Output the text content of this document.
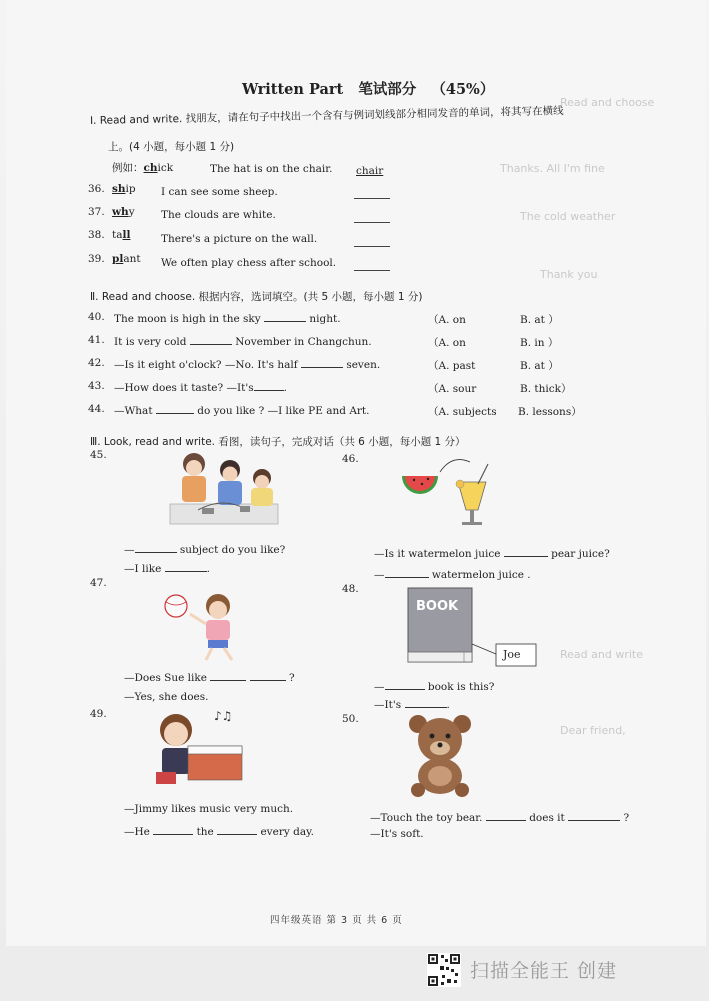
Read and choose
Thanks. All I'm fine
The cold weather
Thank you
Read and write
Dear friend,
Written Part 笔试部分 （45%）
Ⅰ. Read and write. 找朋友，请在句子中找出一个含有与例词划线部分相同发音的单词，将其写在横线
上。(4 小题，每小题 1 分)
例如：chick	The hat is on the chair. chair
36. ship I can see some sheep.
37. why	The clouds are white.
38. tall	There's a picture on the wall.
39. plant We often play chess after school.
Ⅱ. Read and choose. 根据内容，选词填空。(共 5 小题，每小题 1 分)
40. The moon is high in the sky	night.	（A. on	B. at ）
41. It is very cold	November in Changchun.	（A. on	B. in ）
42. —Is it eight o'clock? —No. It's half	seven.	（A. past	B. at ）
43. —How does it taste? —It's	.	（A. sour	B. thick）
44. —What	do you like ? —I like PE and Art.	（A. subjects B. lessons）
Ⅲ. Look, read and write. 看图，读句子，完成对话（共 6 小题，每小题 1 分）
45.
—	subject do you like?
—I like	.
46.
—Is it watermelon juice	pear juice?
—	watermelon juice .
47.
—Does Sue like	?
—Yes, she does.
48.
BOOK
Joe
—	book is this?
—It's	.
49.	♪♫
—Jimmy likes music very much.
—He	the	every day.
50.
—Touch the toy bear.	does it	?
—It's soft.
四年级英语 第 3 页 共 6 页
扫描全能王 创建
